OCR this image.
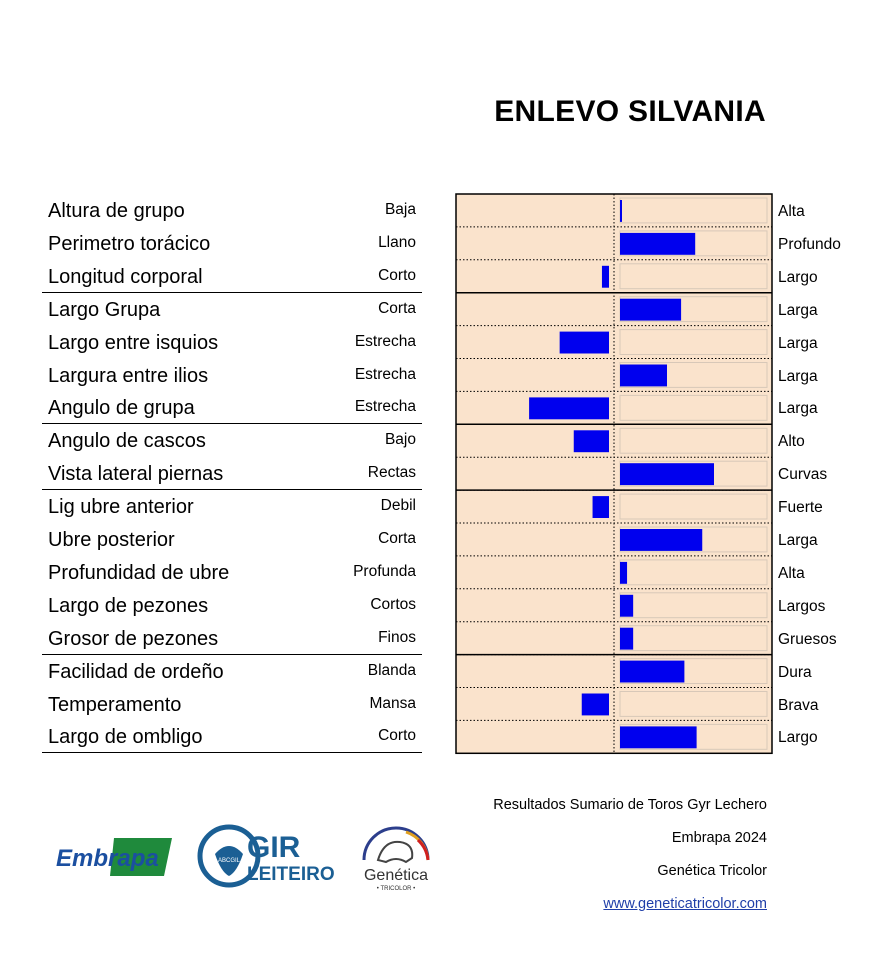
ENLEVO SILVANIA
Altura de grupo	Baja	Alta
Perimetro torácico	Llano	Profundo
Longitud corporal	Corto	Largo
Largo Grupa	Corta	Larga
Largo entre isquios	Estrecha	Larga
Largura entre ilios	Estrecha	Larga
Angulo de grupa	Estrecha	Larga
Angulo de cascos	Bajo	Alto
Vista lateral piernas	Rectas	Curvas
Lig ubre anterior	Debil	Fuerte
Ubre posterior	Corta	Larga
Profundidad de ubre	Profunda	Alta
Largo de pezones	Cortos	Largos
Grosor de pezones	Finos	Gruesos
Facilidad de ordeño	Blanda	Dura
Temperamento	Mansa	Brava
Largo de ombligo	Corto	Largo
Resultados Sumario de Toros Gyr Lechero
Embrapa 2024
Genética Tricolor
www.geneticatricolor.com
Embrapa	ABCGIL GIR
LEITEIRO Genética
• TRICOLOR •
